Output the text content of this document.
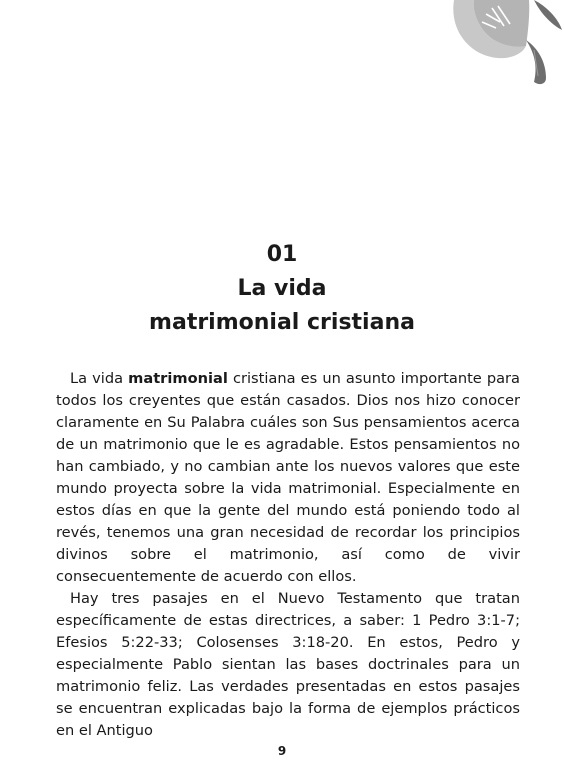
01
La vida
matrimonial cristiana

La vida matrimonial cristiana es un asunto importante para todos los creyentes que están casados. Dios nos hizo conocer claramente en Su Palabra cuáles son Sus pensamientos acerca de un matrimonio que le es agradable. Estos pensamientos no han cambiado, y no cambian ante los nuevos valores que este mundo proyecta sobre la vida matrimonial. Especialmente en estos días en que la gente del mundo está poniendo todo al revés, tenemos una gran necesidad de recordar los principios divinos sobre el matrimonio, así como de vivir consecuentemente de acuerdo con ellos.

Hay tres pasajes en el Nuevo Testamento que tratan específicamente de estas directrices, a saber: 1 Pedro 3:1-7; Efesios 5:22-33; Colosenses 3:18-20. En estos, Pedro y especialmente Pablo sientan las bases doctrinales para un matrimonio feliz. Las verdades presentadas en estos pasajes se encuentran explicadas bajo la forma de ejemplos prácticos en el Antiguo

9
